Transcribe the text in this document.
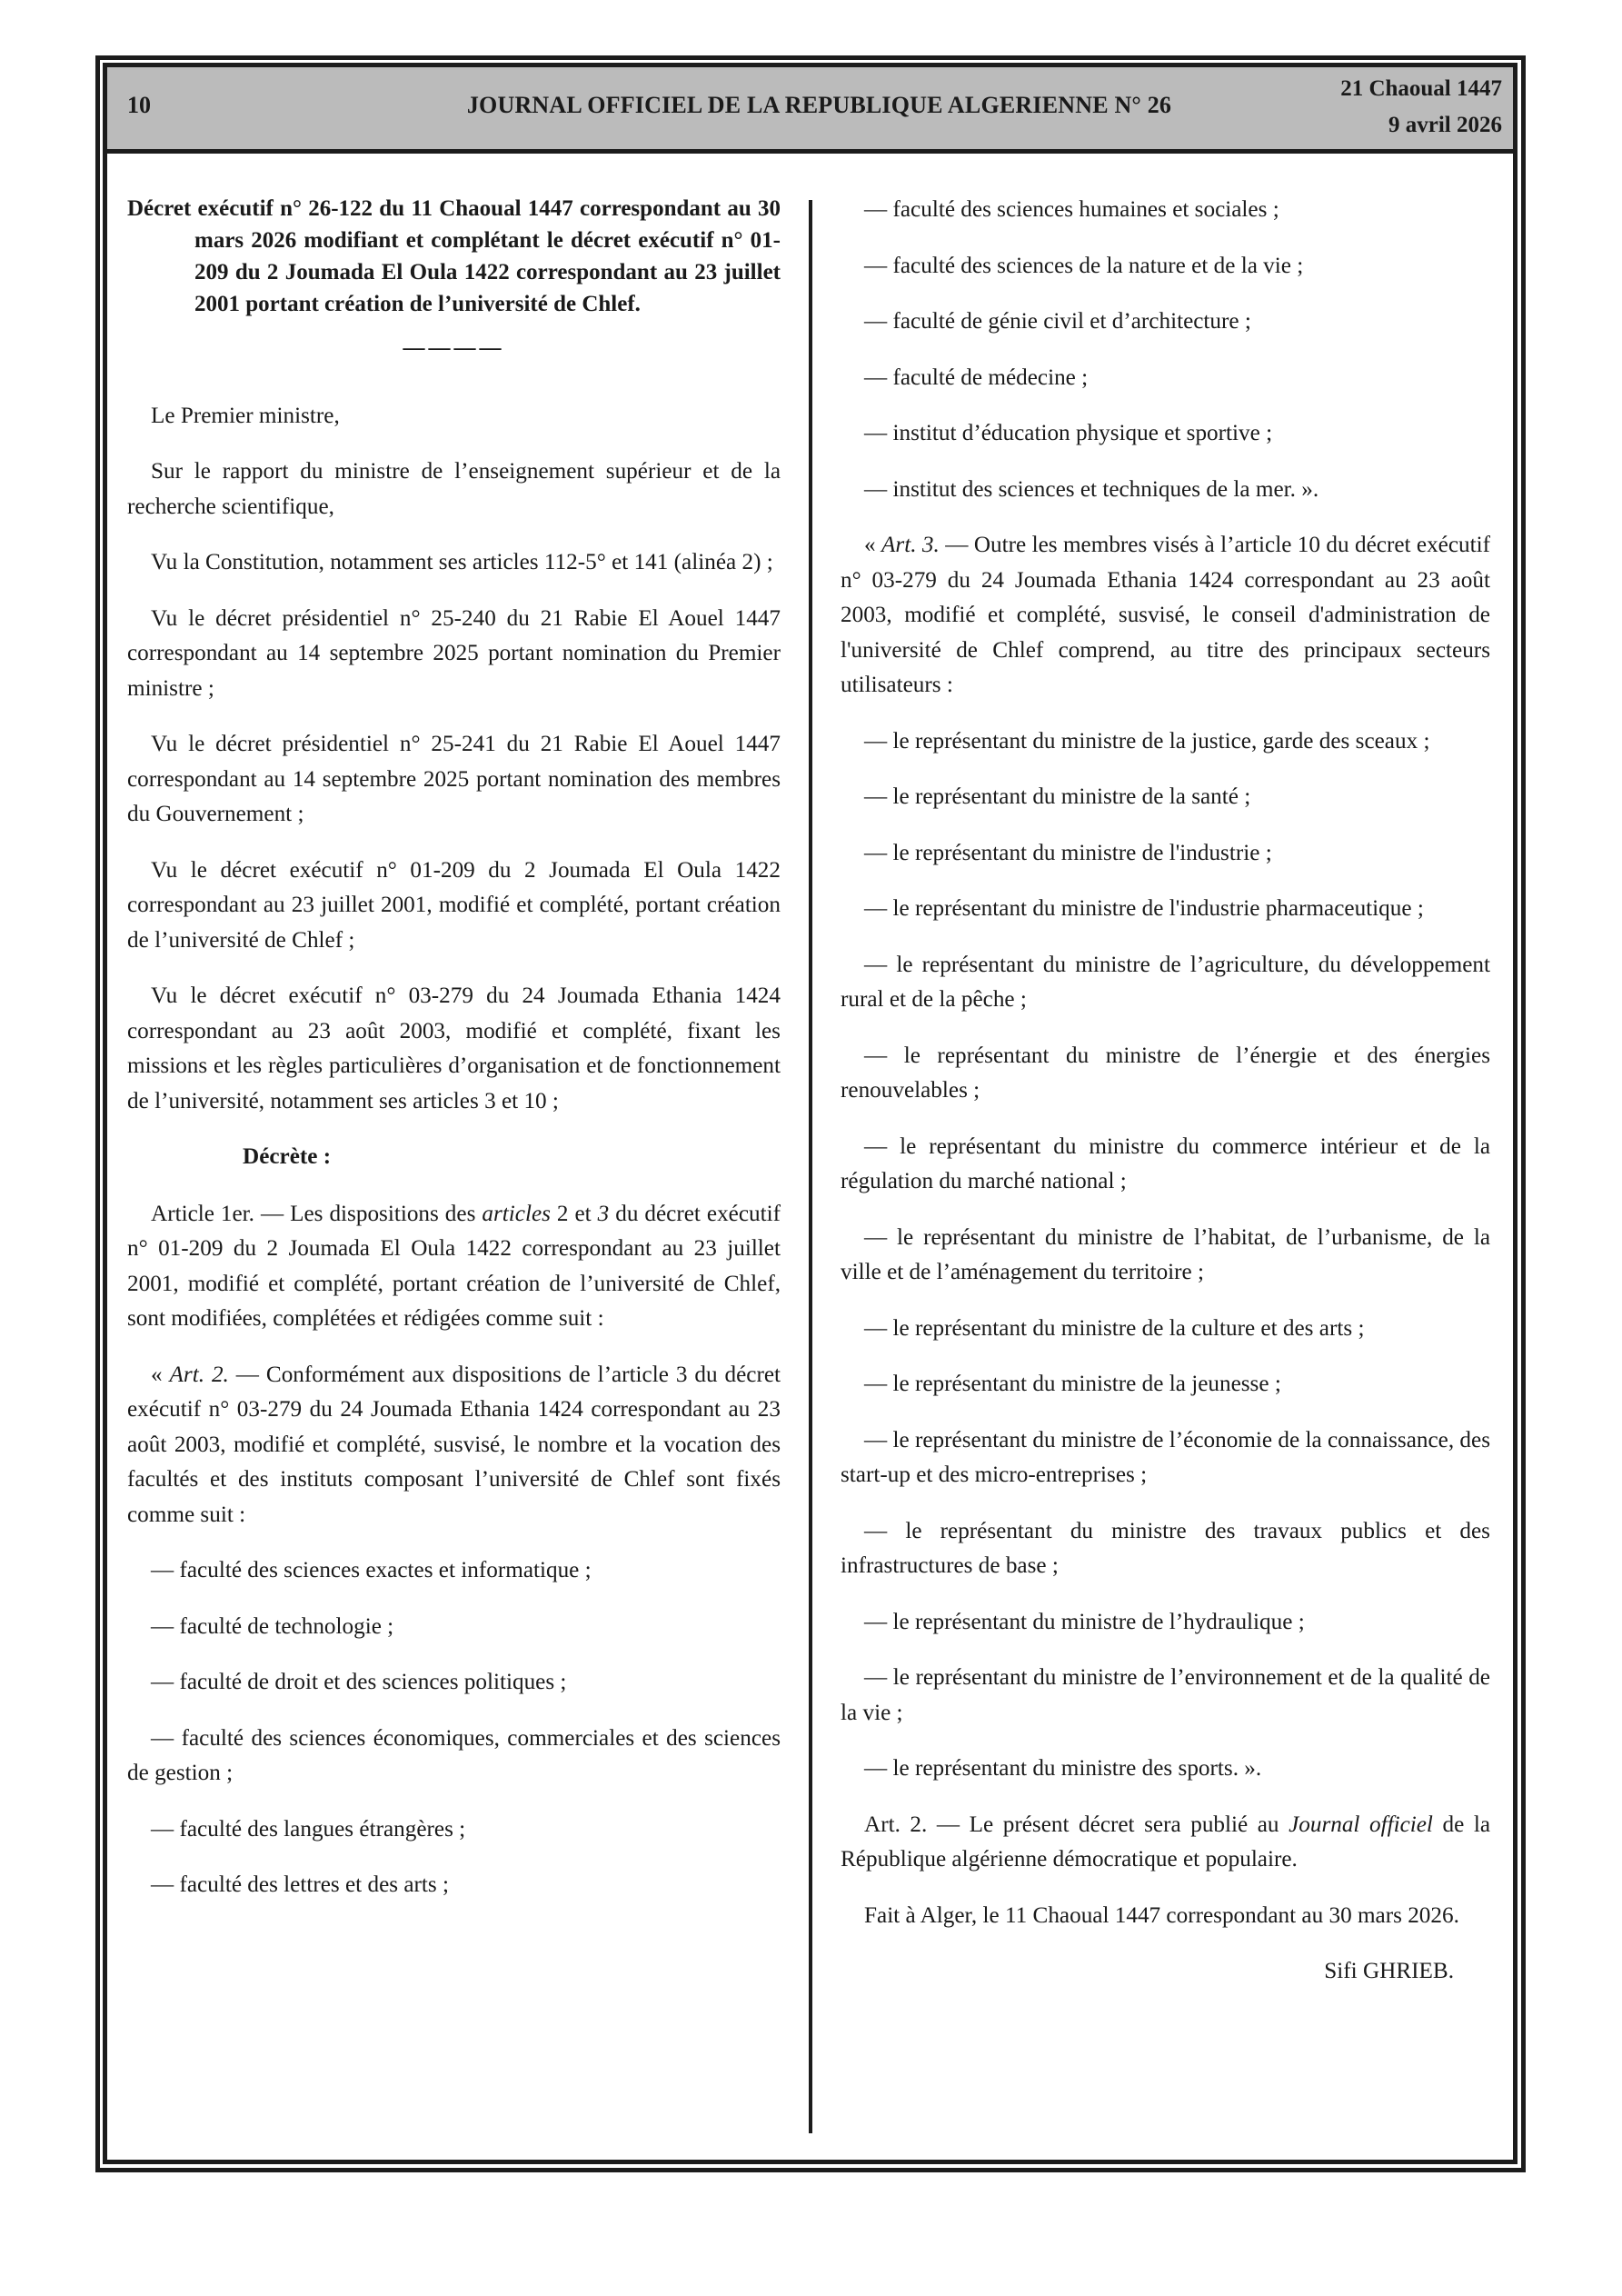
10	JOURNAL OFFICIEL DE LA REPUBLIQUE ALGERIENNE N° 26
21 Chaoual 1447
9 avril 2026

Décret exécutif n° 26-122 du 11 Chaoual 1447 correspondant au 30 mars 2026 modifiant et complétant le décret exécutif n° 01-209 du 2 Joumada El Oula 1422 correspondant au 23 juillet 2001 portant création de l’université de Chlef.

————

Le Premier ministre,

Sur le rapport du ministre de l’enseignement supérieur et de la recherche scientifique,

Vu la Constitution, notamment ses articles 112-5° et 141 (alinéa 2) ;

Vu le décret présidentiel n° 25-240 du 21 Rabie El Aouel 1447 correspondant au 14 septembre 2025 portant nomination du Premier ministre ;

Vu le décret présidentiel n° 25-241 du 21 Rabie El Aouel 1447 correspondant au 14 septembre 2025 portant nomination des membres du Gouvernement ;

Vu le décret exécutif n° 01-209 du 2 Joumada El Oula 1422 correspondant au 23 juillet 2001, modifié et complété, portant création de l’université de Chlef ;

Vu le décret exécutif n° 03-279 du 24 Joumada Ethania 1424 correspondant au 23 août 2003, modifié et complété, fixant les missions et les règles particulières d’organisation et de fonctionnement de l’université, notamment ses articles 3 et 10 ;

Décrète :

Article 1er. — Les dispositions des articles 2 et 3 du décret exécutif n° 01-209 du 2 Joumada El Oula 1422 correspondant au 23 juillet 2001, modifié et complété, portant création de l’université de Chlef, sont modifiées, complétées et rédigées comme suit :

« Art. 2. — Conformément aux dispositions de l’article 3 du décret exécutif n° 03-279 du 24 Joumada Ethania 1424 correspondant au 23 août 2003, modifié et complété, susvisé, le nombre et la vocation des facultés et des instituts composant l’université de Chlef sont fixés comme suit :

— faculté des sciences exactes et informatique ;

— faculté de technologie ;

— faculté de droit et des sciences politiques ;

— faculté des sciences économiques, commerciales et des sciences de gestion ;

— faculté des langues étrangères ;

— faculté des lettres et des arts ;

— faculté des sciences humaines et sociales ;

— faculté des sciences de la nature et de la vie ;

— faculté de génie civil et d’architecture ;

— faculté de médecine ;

— institut d’éducation physique et sportive ;

— institut des sciences et techniques de la mer. ».

« Art. 3. — Outre les membres visés à l’article 10 du décret exécutif n° 03-279 du 24 Joumada Ethania 1424 correspondant au 23 août 2003, modifié et complété, susvisé, le conseil d'administration de l'université de Chlef comprend, au titre des principaux secteurs utilisateurs :

— le représentant du ministre de la justice, garde des sceaux ;

— le représentant du ministre de la santé ;

— le représentant du ministre de l'industrie ;

— le représentant du ministre de l'industrie pharmaceutique ;

— le représentant du ministre de l’agriculture, du développement rural et de la pêche ;

— le représentant du ministre de l’énergie et des énergies renouvelables ;

— le représentant du ministre du commerce intérieur et de la régulation du marché national ;

— le représentant du ministre de l’habitat, de l’urbanisme, de la ville et de l’aménagement du territoire ;

— le représentant du ministre de la culture et des arts ;

— le représentant du ministre de la jeunesse ;

— le représentant du ministre de l’économie de la connaissance, des start-up et des micro-entreprises ;

— le représentant du ministre des travaux publics et des infrastructures de base ;

— le représentant du ministre de l’hydraulique ;

— le représentant du ministre de l’environnement et de la qualité de la vie ;

— le représentant du ministre des sports. ».

Art. 2. — Le présent décret sera publié au Journal officiel de la République algérienne démocratique et populaire.

Fait à Alger, le 11 Chaoual 1447 correspondant au 30 mars 2026.

Sifi GHRIEB.
